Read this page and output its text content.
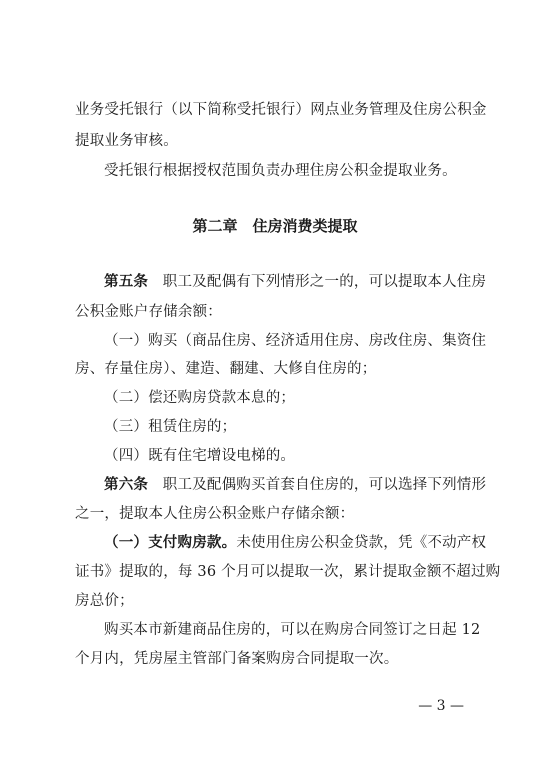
业务受托银行（以下简称受托银行）网点业务管理及住房公积金
提取业务审核。
受托银行根据授权范围负责办理住房公积金提取业务。
第二章　住房消费类提取
第五条　职工及配偶有下列情形之一的，可以提取本人住房
公积金账户存储余额：
（一）购买（商品住房、经济适用住房、房改住房、集资住
房、存量住房）、建造、翻建、大修自住房的；
（二）偿还购房贷款本息的；
（三）租赁住房的；
（四）既有住宅增设电梯的。
第六条　职工及配偶购买首套自住房的，可以选择下列情形
之一，提取本人住房公积金账户存储余额：
（一）支付购房款。未使用住房公积金贷款，凭《不动产权
证书》提取的，每 36 个月可以提取一次，累计提取金额不超过购
房总价；
购买本市新建商品住房的，可以在购房合同签订之日起 12
个月内，凭房屋主管部门备案购房合同提取一次。
— 3 —
